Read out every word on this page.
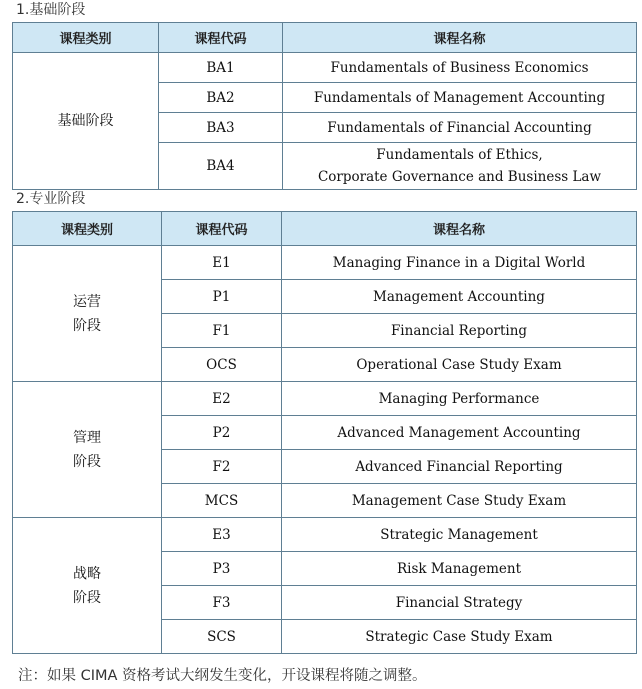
1.基础阶段
课程类别	课程代码	课程名称
基础阶段	BA1	Fundamentals of Business Economics
	BA2	Fundamentals of Management Accounting
	BA3	Fundamentals of Financial Accounting
	BA4	Fundamentals of Ethics,
Corporate Governance and Business Law
2.专业阶段
课程类别	课程代码	课程名称

运营
阶段	E1	Managing Finance in a Digital World
	P1	Management Accounting
	F1	Financial Reporting
	OCS	Operational Case Study Exam

管理
阶段	E2	Managing Performance
	P2	Advanced Management Accounting
	F2	Advanced Financial Reporting
	MCS	Management Case Study Exam

战略
阶段	E3	Strategic Management
	P3	Risk Management
	F3	Financial Strategy
	SCS	Strategic Case Study Exam
注：如果 CIMA 资格考试大纲发生变化，开设课程将随之调整。
